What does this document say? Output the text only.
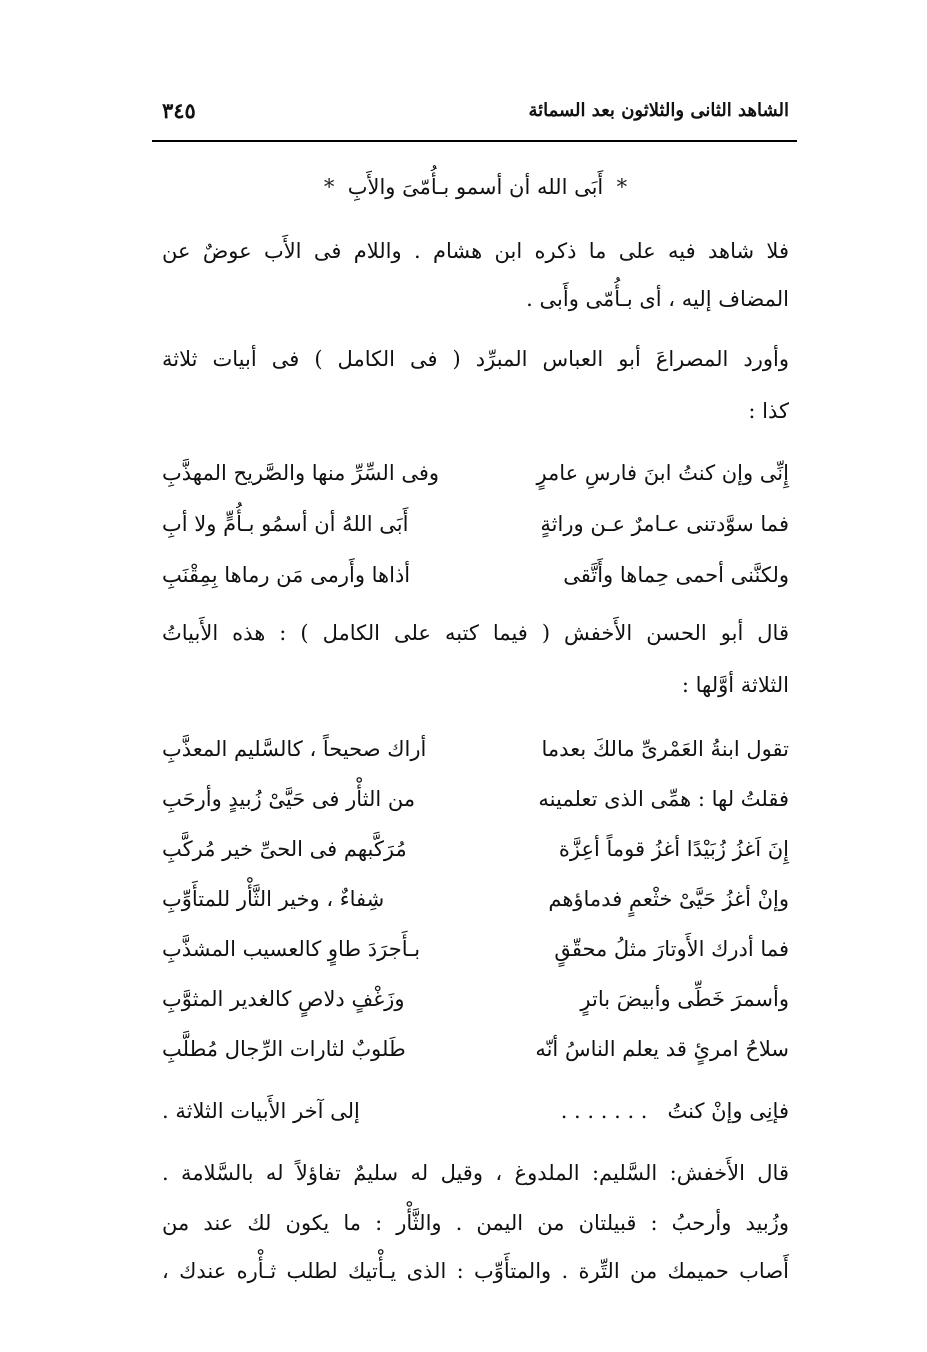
الشاهد الثانى والثلاثون بعد السمائة
٣٤٥
*  أَبَى الله أن أسمو بـأُمّىَ والأَبِ  *
فلا شاهد فيه على ما ذكره ابن هشام . واللام فى الأَب عوضٌ عن
المضاف إليه ، أى بـأُمّى وأَبى .
وأورد المصراعَ أبو العباس المبرِّد ( فى الكامل ) فى أبيات ثلاثة
كذا :
إِنِّى وإن كنتُ ابنَ فارسِ عامرٍ
وفى السِّرِّ منها والصَّريح المهذَّبِ
فما سوَّدتنى عـامرٌ عـن وراثةٍ
أَبَى اللهُ أن أسمُو بـأُمٍّ ولا أبِ
ولكنَّنى أحمى حِماها وأَتَّقى
أذاها وأَرمى مَن رماها بِمِقْنَبِ
قال أبو الحسن الأَخفش ( فيما كتبه على الكامل ) : هذه الأَبياتُ
الثلاثة أوَّلها :
تقول ابنةُ العَمْرىِّ مالكَ بعدما
أراك صحيحاً ، كالسَّليم المعذَّبِ
فقلتُ لها : همِّى الذى تعلمينه
من الثأْر فى حَيَّىْ زُبيدٍ وأرحَبِ
إِنَ اَغزُ زُبَيْدًا أغزُ قوماً أعِزَّة
مُرَكَّبهم فى الحىِّ خير مُركَّبِ
وإنْ أغزُ حَيَّىْ خثْعمٍ فدماؤهم
شِفاءٌ ، وخير الثَّأْر للمتأَوِّبِ
فما أدرك الأَوتارَ مثلُ محقّقٍ
بـأَجرَدَ طاوٍ كالعسيب المشذَّبِ
وأسمرَ خَطِّى وأبيضَ باترٍ
وزَغْفٍ دلاصٍ كالغدير المثوَّبِ
سلاحُ امرئٍ قد يعلم الناسُ أنّه
طَلوبٌ لثارات الرِّجال مُطلَّبِ
فإنِى وإنْ كنتُ   . . . . . . .
إلى آخر الأَبيات الثلاثة .
قال الأَخفش: السَّليم: الملدوغ ، وقيل له سليمٌ تفاؤلاً له بالسَّلامة .
وزُبيد وأرحبُ : قبيلتان من اليمن . والثَّأْر : ما يكون لك عند من
أَصاب حميمك من التِّرة . والمتأَوِّب : الذى يـأْتيك لطلب ثـأْره عندك ،
